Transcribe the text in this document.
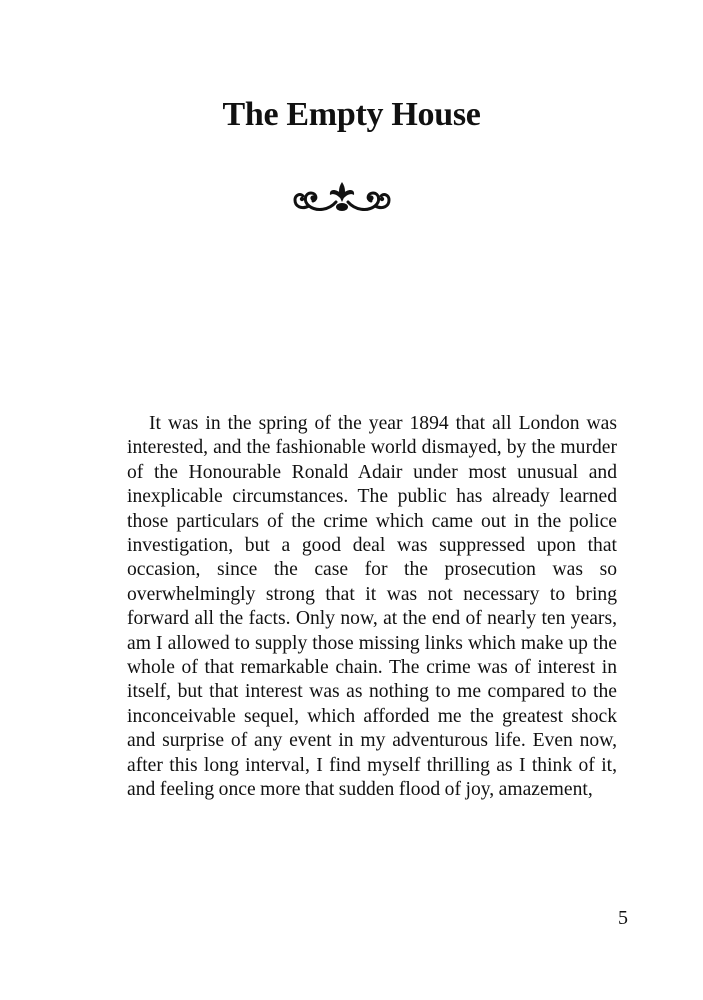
The Empty House

It was in the spring of the year 1894 that all London was interested, and the fashionable world dismayed, by the murder of the Honourable Ronald Adair under most unusual and inexplicable circumstances. The public has already learned those particulars of the crime which came out in the police investigation, but a good deal was suppressed upon that occasion, since the case for the prosecution was so overwhelmingly strong that it was not necessary to bring forward all the facts. Only now, at the end of nearly ten years, am I allowed to supply those missing links which make up the whole of that remarkable chain. The crime was of interest in itself, but that interest was as nothing to me compared to the inconceivable sequel, which afforded me the greatest shock and surprise of any event in my adventurous life. Even now, after this long interval, I find myself thrilling as I think of it, and feeling once more that sudden flood of joy, amazement,

5
